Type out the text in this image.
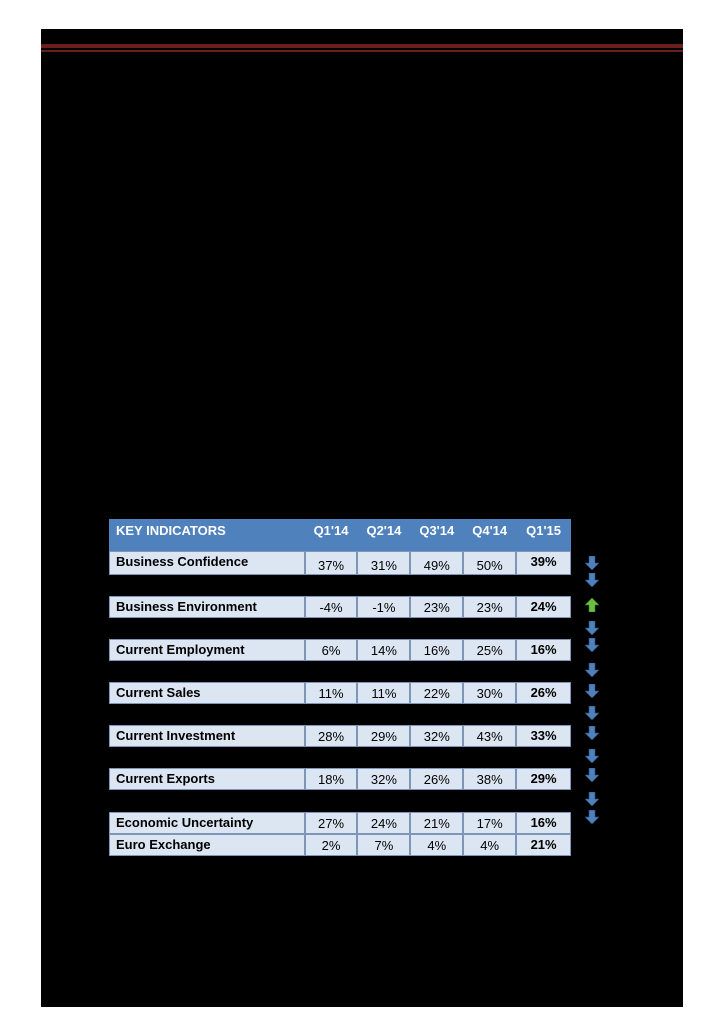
KEY INDICATORS	Q1'14	Q2'14	Q3'14	Q4'14	Q1'15
Business Confidence	37%	31%	49%	50%	39%
Business Environment	-4%	-1%	23%	23%	24%
Current Employment	6%	14%	16%	25%	16%
Current Sales	11%	11%	22%	30%	26%
Current Investment	28%	29%	32%	43%	33%
Current Exports	18%	32%	26%	38%	29%
Economic Uncertainty	27%	24%	21%	17%	16%
Euro Exchange	2%	7%	4%	4%	21%
